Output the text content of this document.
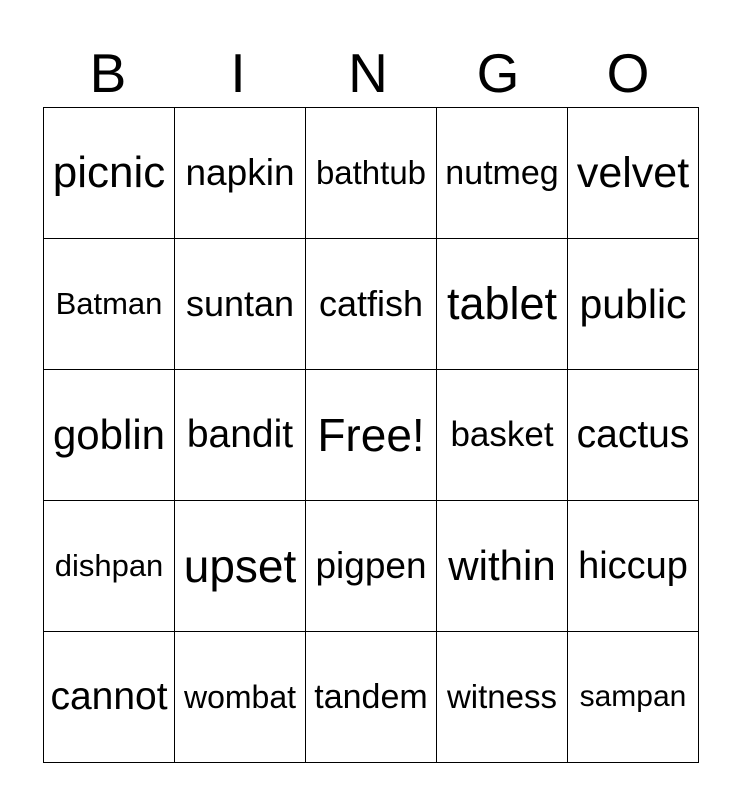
B	I	N	G	O
picnic	napkin	bathtub	nutmeg	velvet
Batman	suntan	catfish	tablet	public
goblin	bandit	Free!	basket	cactus
dishpan	upset	pigpen	within	hiccup
cannot	wombat	tandem	witness	sampan
